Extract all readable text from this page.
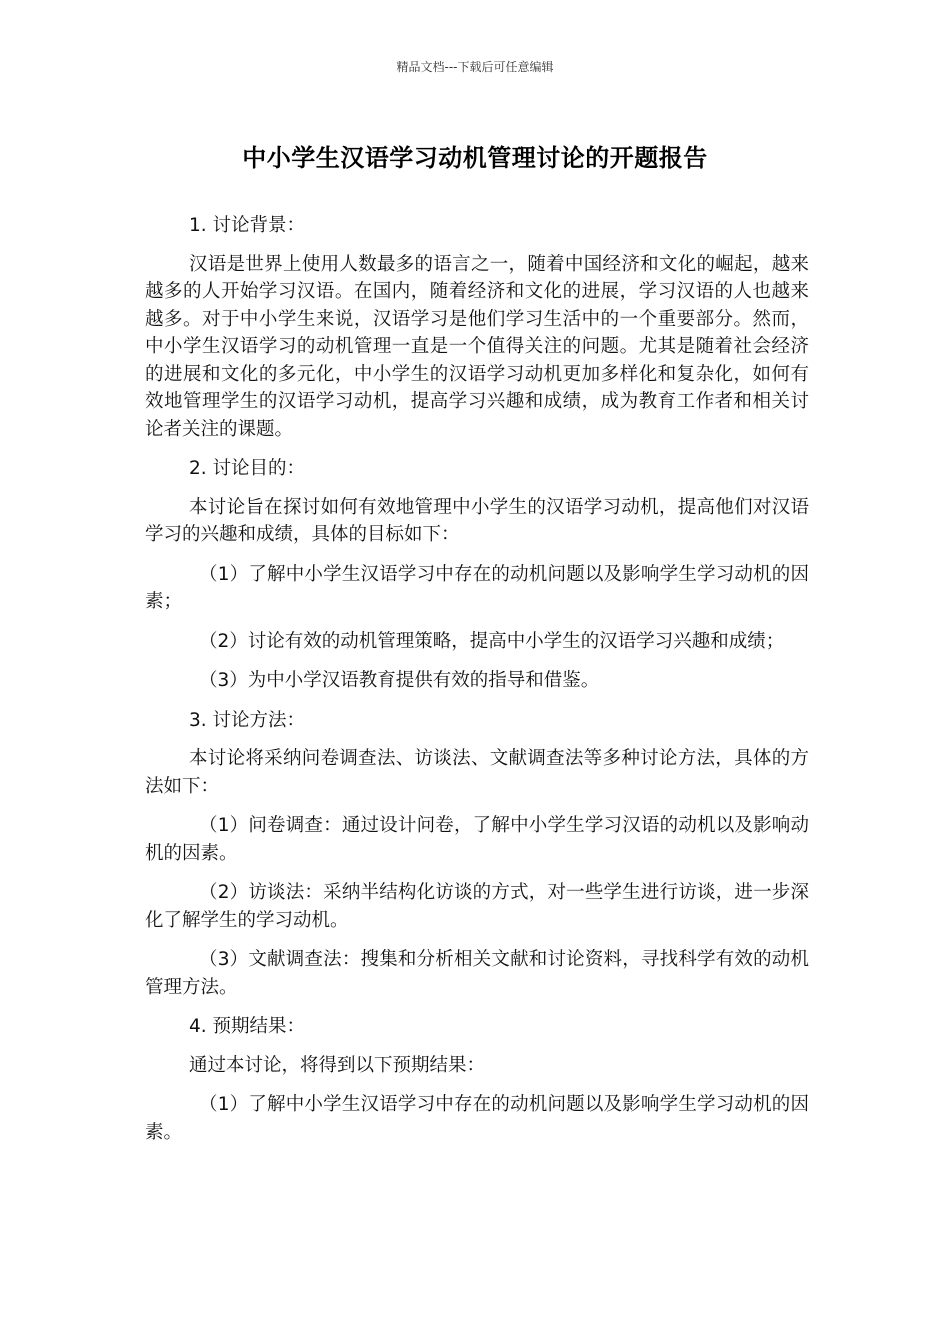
精品文档---下载后可任意编辑
中小学生汉语学习动机管理讨论的开题报告

1. 讨论背景：

汉语是世界上使用人数最多的语言之一，随着中国经济和文化的崛起，越来越多的人开始学习汉语。在国内，随着经济和文化的进展，学习汉语的人也越来越多。对于中小学生来说，汉语学习是他们学习生活中的一个重要部分。然而，中小学生汉语学习的动机管理一直是一个值得关注的问题。尤其是随着社会经济的进展和文化的多元化，中小学生的汉语学习动机更加多样化和复杂化，如何有效地管理学生的汉语学习动机，提高学习兴趣和成绩，成为教育工作者和相关讨论者关注的课题。

2. 讨论目的：

本讨论旨在探讨如何有效地管理中小学生的汉语学习动机，提高他们对汉语学习的兴趣和成绩，具体的目标如下：

（1）了解中小学生汉语学习中存在的动机问题以及影响学生学习动机的因素；

（2）讨论有效的动机管理策略，提高中小学生的汉语学习兴趣和成绩；

（3）为中小学汉语教育提供有效的指导和借鉴。

3. 讨论方法：

本讨论将采纳问卷调查法、访谈法、文献调查法等多种讨论方法，具体的方法如下：

（1）问卷调查：通过设计问卷，了解中小学生学习汉语的动机以及影响动机的因素。

（2）访谈法：采纳半结构化访谈的方式，对一些学生进行访谈，进一步深化了解学生的学习动机。

（3）文献调查法：搜集和分析相关文献和讨论资料，寻找科学有效的动机管理方法。

4. 预期结果：

通过本讨论，将得到以下预期结果：

（1）了解中小学生汉语学习中存在的动机问题以及影响学生学习动机的因素。
